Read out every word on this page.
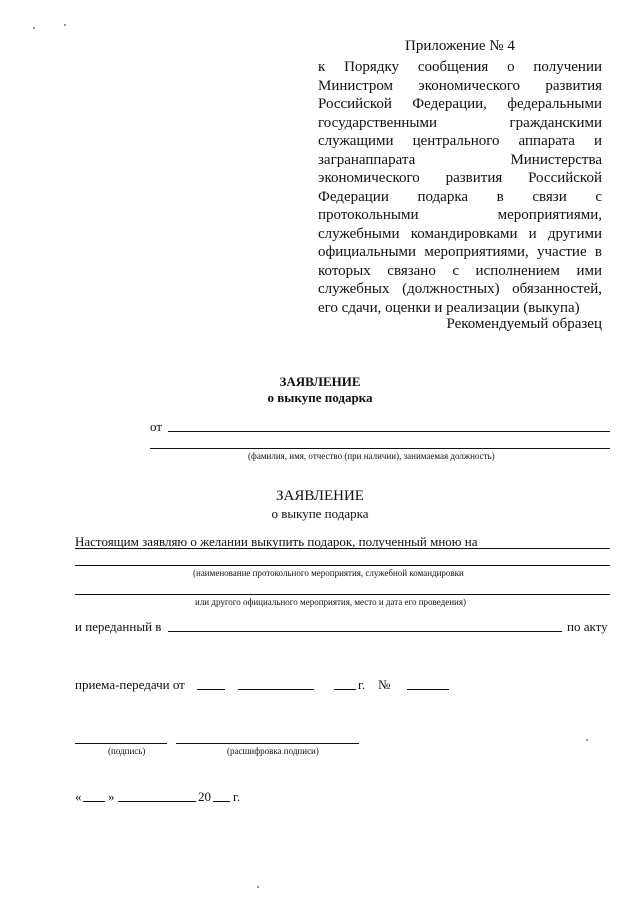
Приложение № 4
к Порядку сообщения о получении Министром экономического развития Российской Федерации, федеральными государственными гражданскими служащими центрального аппарата и загранаппарата Министерства экономического развития Российской Федерации подарка в связи с протокольными мероприятиями, служебными командировками и другими официальными мероприятиями, участие в которых связано с исполнением ими служебных (должностных) обязанностей, его сдачи, оценки и реализации (выкупа)
Рекомендуемый образец
ЗАЯВЛЕНИЕ
о выкупе подарка
от
(фамилия, имя, отчество (при наличии), занимаемая должность)
ЗАЯВЛЕНИЕ
о выкупе подарка
Настоящим заявляю о желании выкупить подарок, полученный мною на
(наименование протокольного мероприятия, служебной командировки
или другого официального мероприятия, место и дата его проведения)
и переданный в	по акту
приема-передачи от	г. №
(подпись)	(расшифровка подписи)
« »	20 г.
